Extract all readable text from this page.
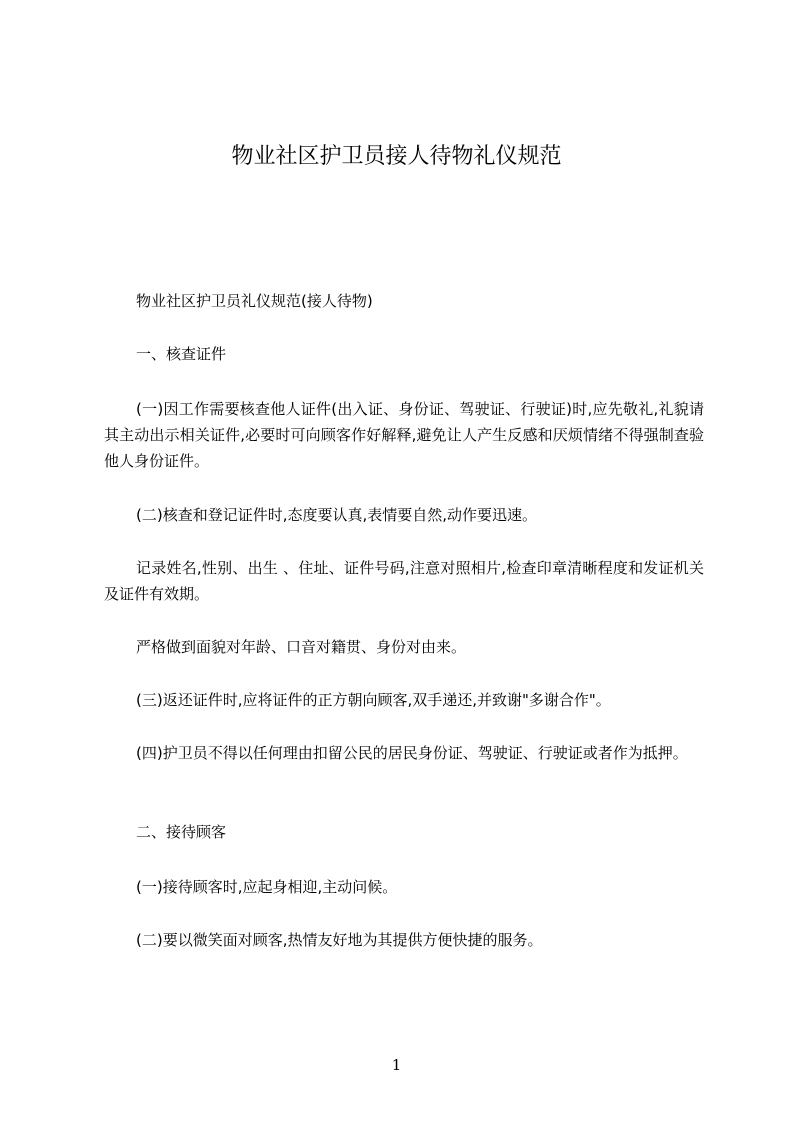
物业社区护卫员接人待物礼仪规范
物业社区护卫员礼仪规范(接人待物)
一、核查证件
(一)因工作需要核查他人证件(出入证、身份证、驾驶证、行驶证)时,应先敬礼,礼貌请其主动出示相关证件,必要时可向顾客作好解释,避免让人产生反感和厌烦情绪不得强制查验他人身份证件。
(二)核查和登记证件时,态度要认真,表情要自然,动作要迅速。
记录姓名,性别、出生 、住址、证件号码,注意对照相片,检查印章清晰程度和发证机关及证件有效期。
严格做到面貌对年龄、口音对籍贯、身份对由来。
(三)返还证件时,应将证件的正方朝向顾客,双手递还,并致谢"多谢合作"。
(四)护卫员不得以任何理由扣留公民的居民身份证、驾驶证、行驶证或者作为抵押。
二、接待顾客
(一)接待顾客时,应起身相迎,主动问候。
(二)要以微笑面对顾客,热情友好地为其提供方便快捷的服务。
1
